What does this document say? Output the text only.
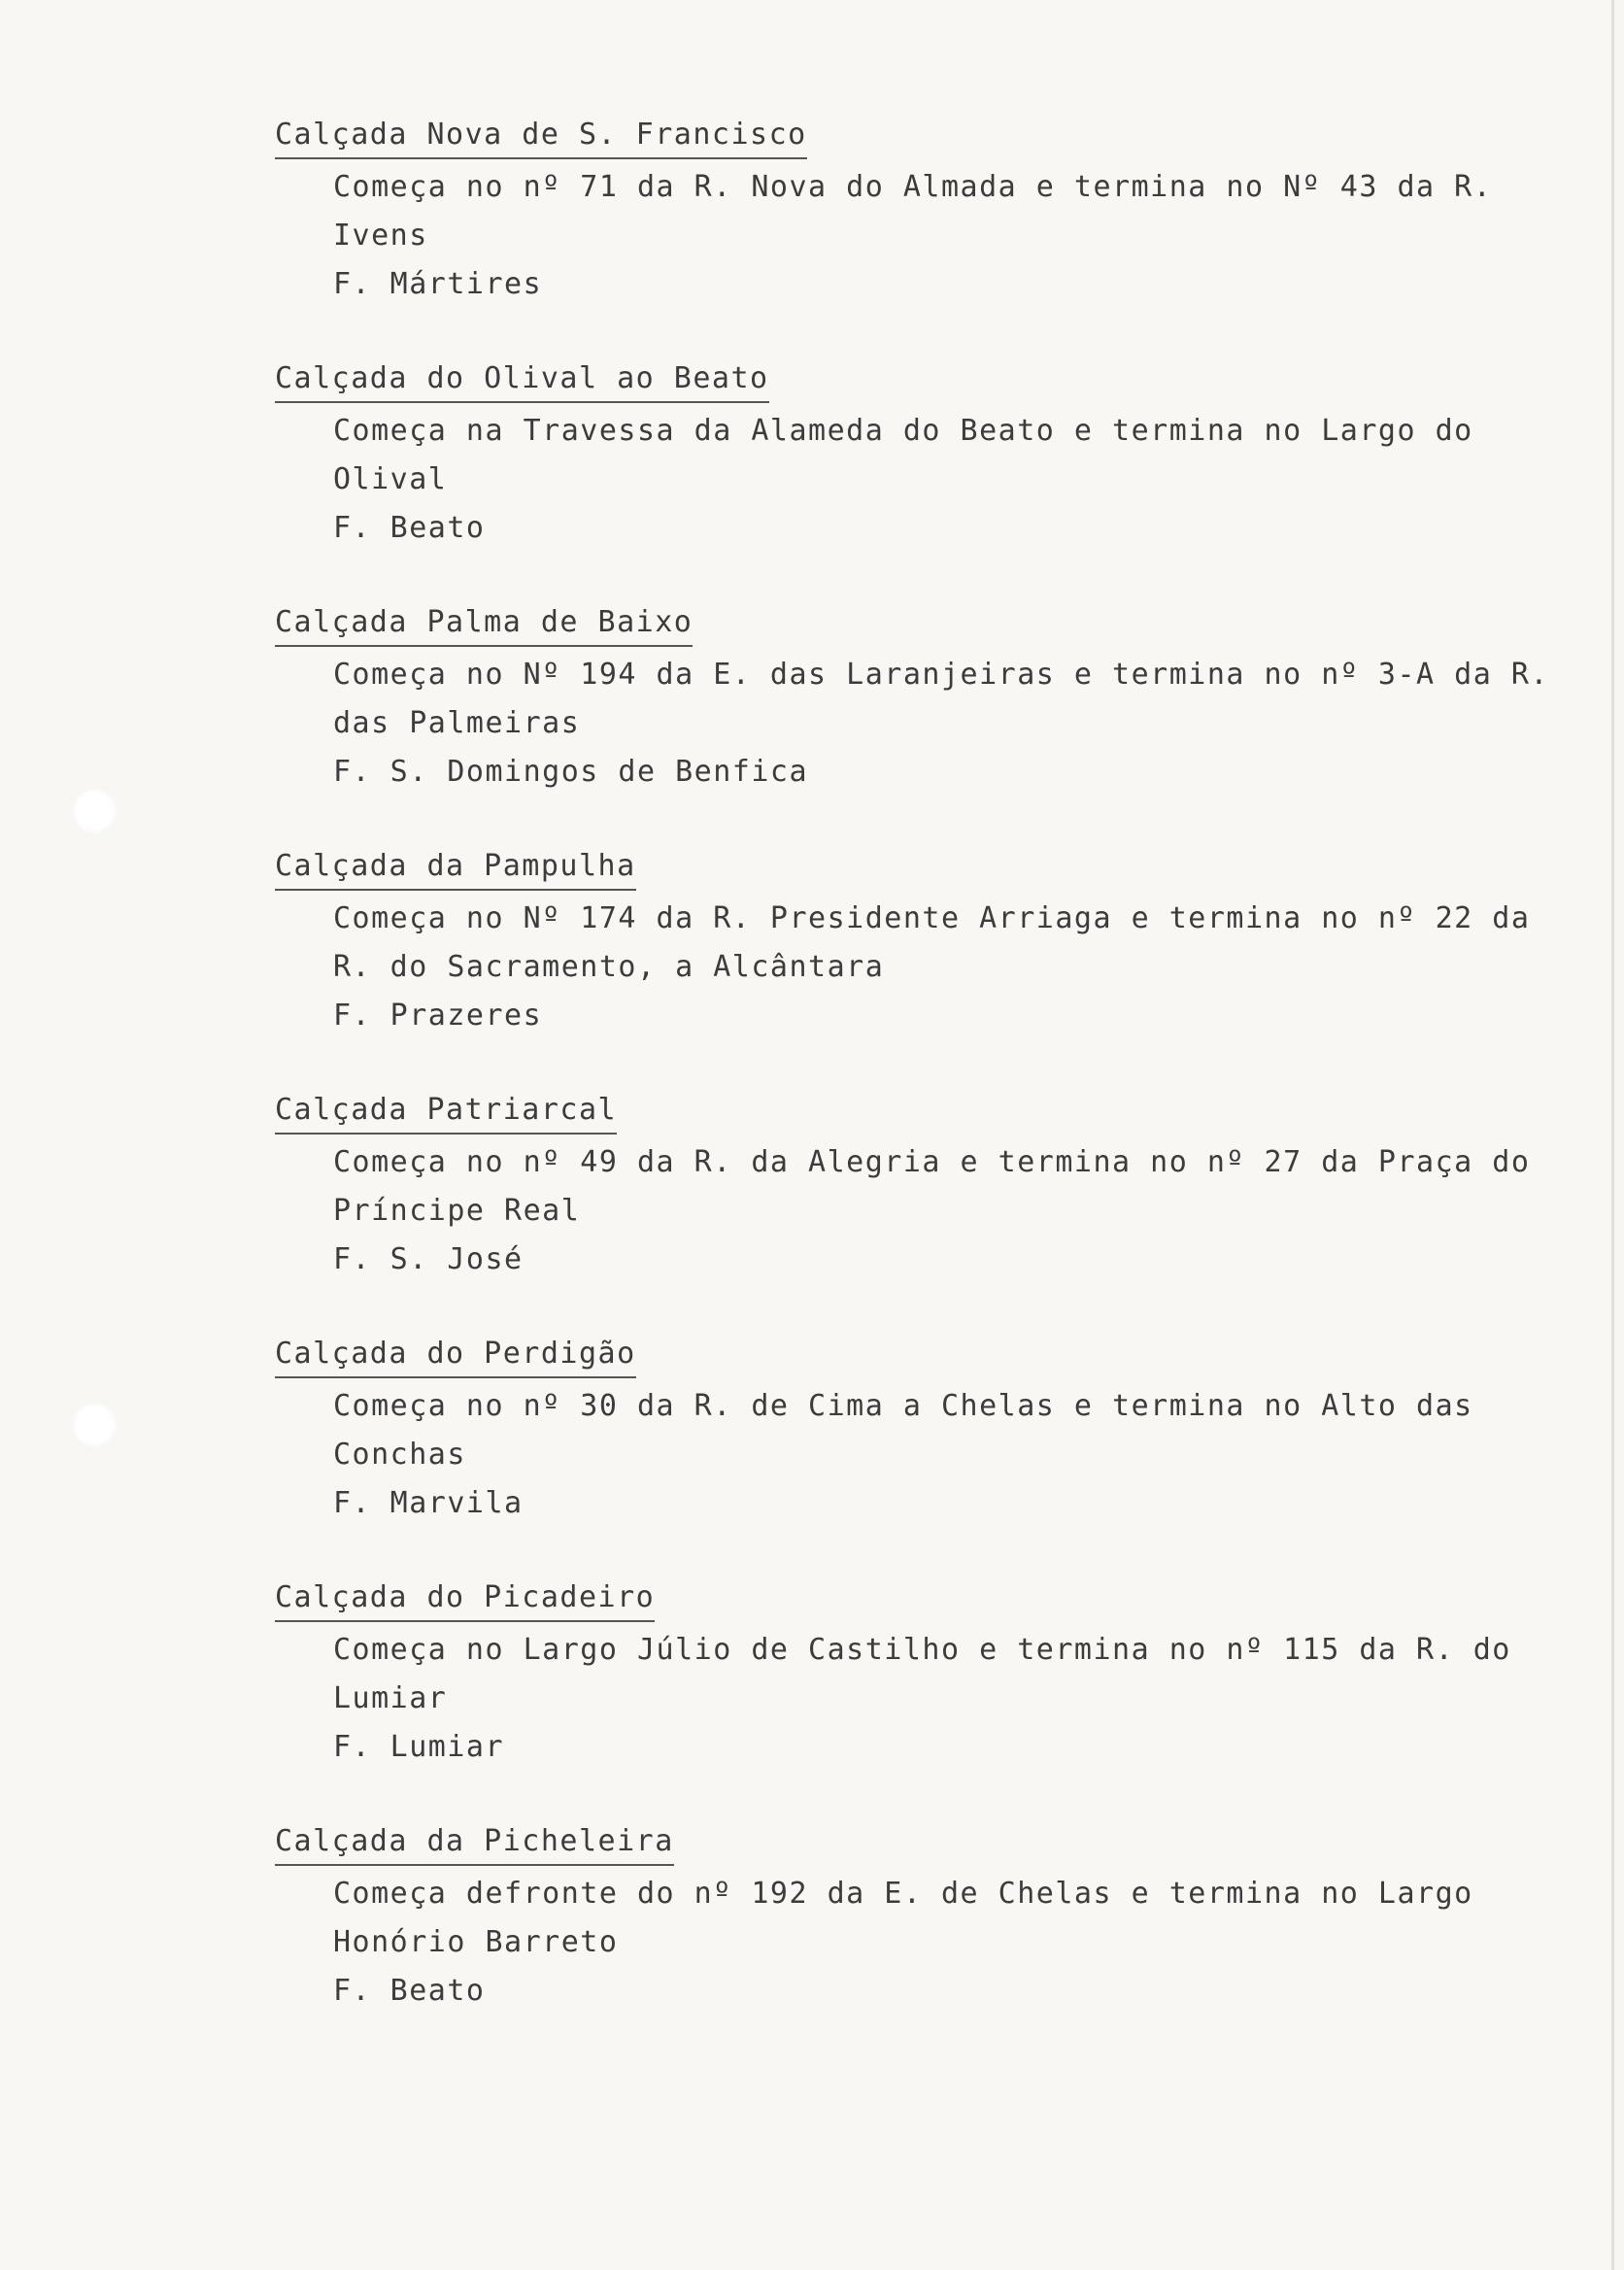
Calçada Nova de S. Francisco
Começa no nº 71 da R. Nova do Almada e termina no Nº 43 da R. Ivens
F. Mártires
Calçada do Olival ao Beato
Começa na Travessa da Alameda do Beato e termina no Largo do Olival
F. Beato
Calçada Palma de Baixo
Começa no Nº 194 da E. das Laranjeiras e termina no nº 3-A da R. das Palmeiras
F. S. Domingos de Benfica
Calçada da Pampulha
Começa no Nº 174 da R. Presidente Arriaga e termina no nº 22 da R. do Sacramento, a Alcântara
F. Prazeres
Calçada Patriarcal
Começa no nº 49 da R. da Alegria e termina no nº 27 da Praça do Príncipe Real
F. S. José
Calçada do Perdigão
Começa no nº 30 da R. de Cima a Chelas e termina no Alto das Conchas
F. Marvila
Calçada do Picadeiro
Começa no Largo Júlio de Castilho e termina no nº 115 da R. do Lumiar
F. Lumiar
Calçada da Picheleira
Começa defronte do nº 192 da E. de Chelas e termina no Largo Honório Barreto
F. Beato
